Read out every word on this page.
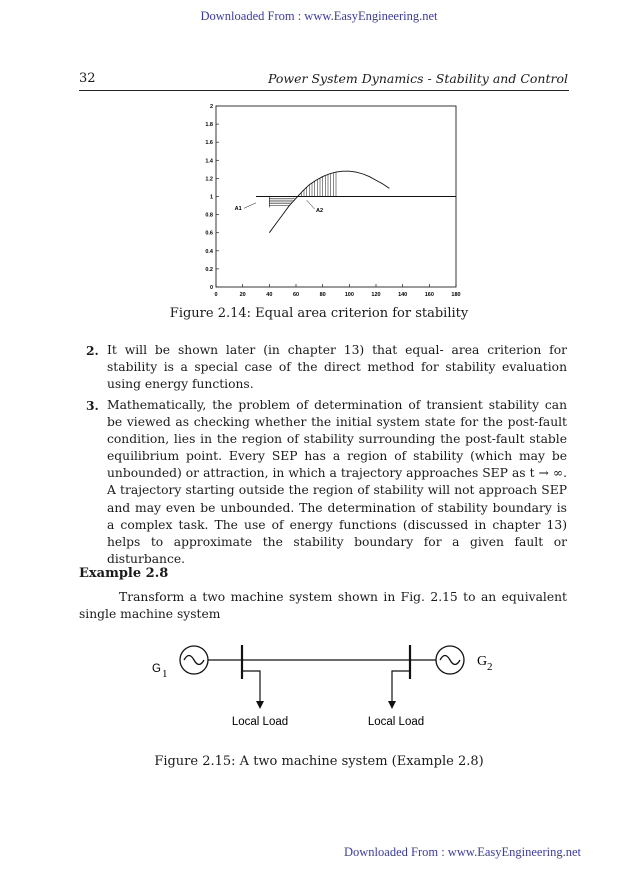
Downloaded From : www.EasyEngineering.net
32	Power System Dynamics - Stability and Control
0	20	40	60	80	100	120	140	160	180
0
0.2
0.4
0.6
0.8
1
1.2
1.4
1.6
1.8
2
A1	A2
Figure 2.14: Equal area criterion for stability
2. It will be shown later (in chapter 13) that equal- area criterion for stability is a special case of the direct method for stability evaluation using energy functions.
3. Mathematically, the problem of determination of transient stability can be viewed as checking whether the initial system state for the post-fault condition, lies in the region of stability surrounding the post-fault stable equilibrium point. Every SEP has a region of stability (which may be unbounded) or attraction, in which a trajectory approaches SEP as t → ∞. A trajectory starting outside the region of stability will not approach SEP and may even be unbounded. The determination of stability boundary is a complex task. The use of energy functions (discussed in chapter 13) helps to approximate the stability boundary for a given fault or disturbance.
Example 2.8
Transform a two machine system shown in Fig. 2.15 to an equivalent single machine system
G 1
G 2
Local Load	Local Load
Figure 2.15: A two machine system (Example 2.8)
Downloaded From : www.EasyEngineering.net
